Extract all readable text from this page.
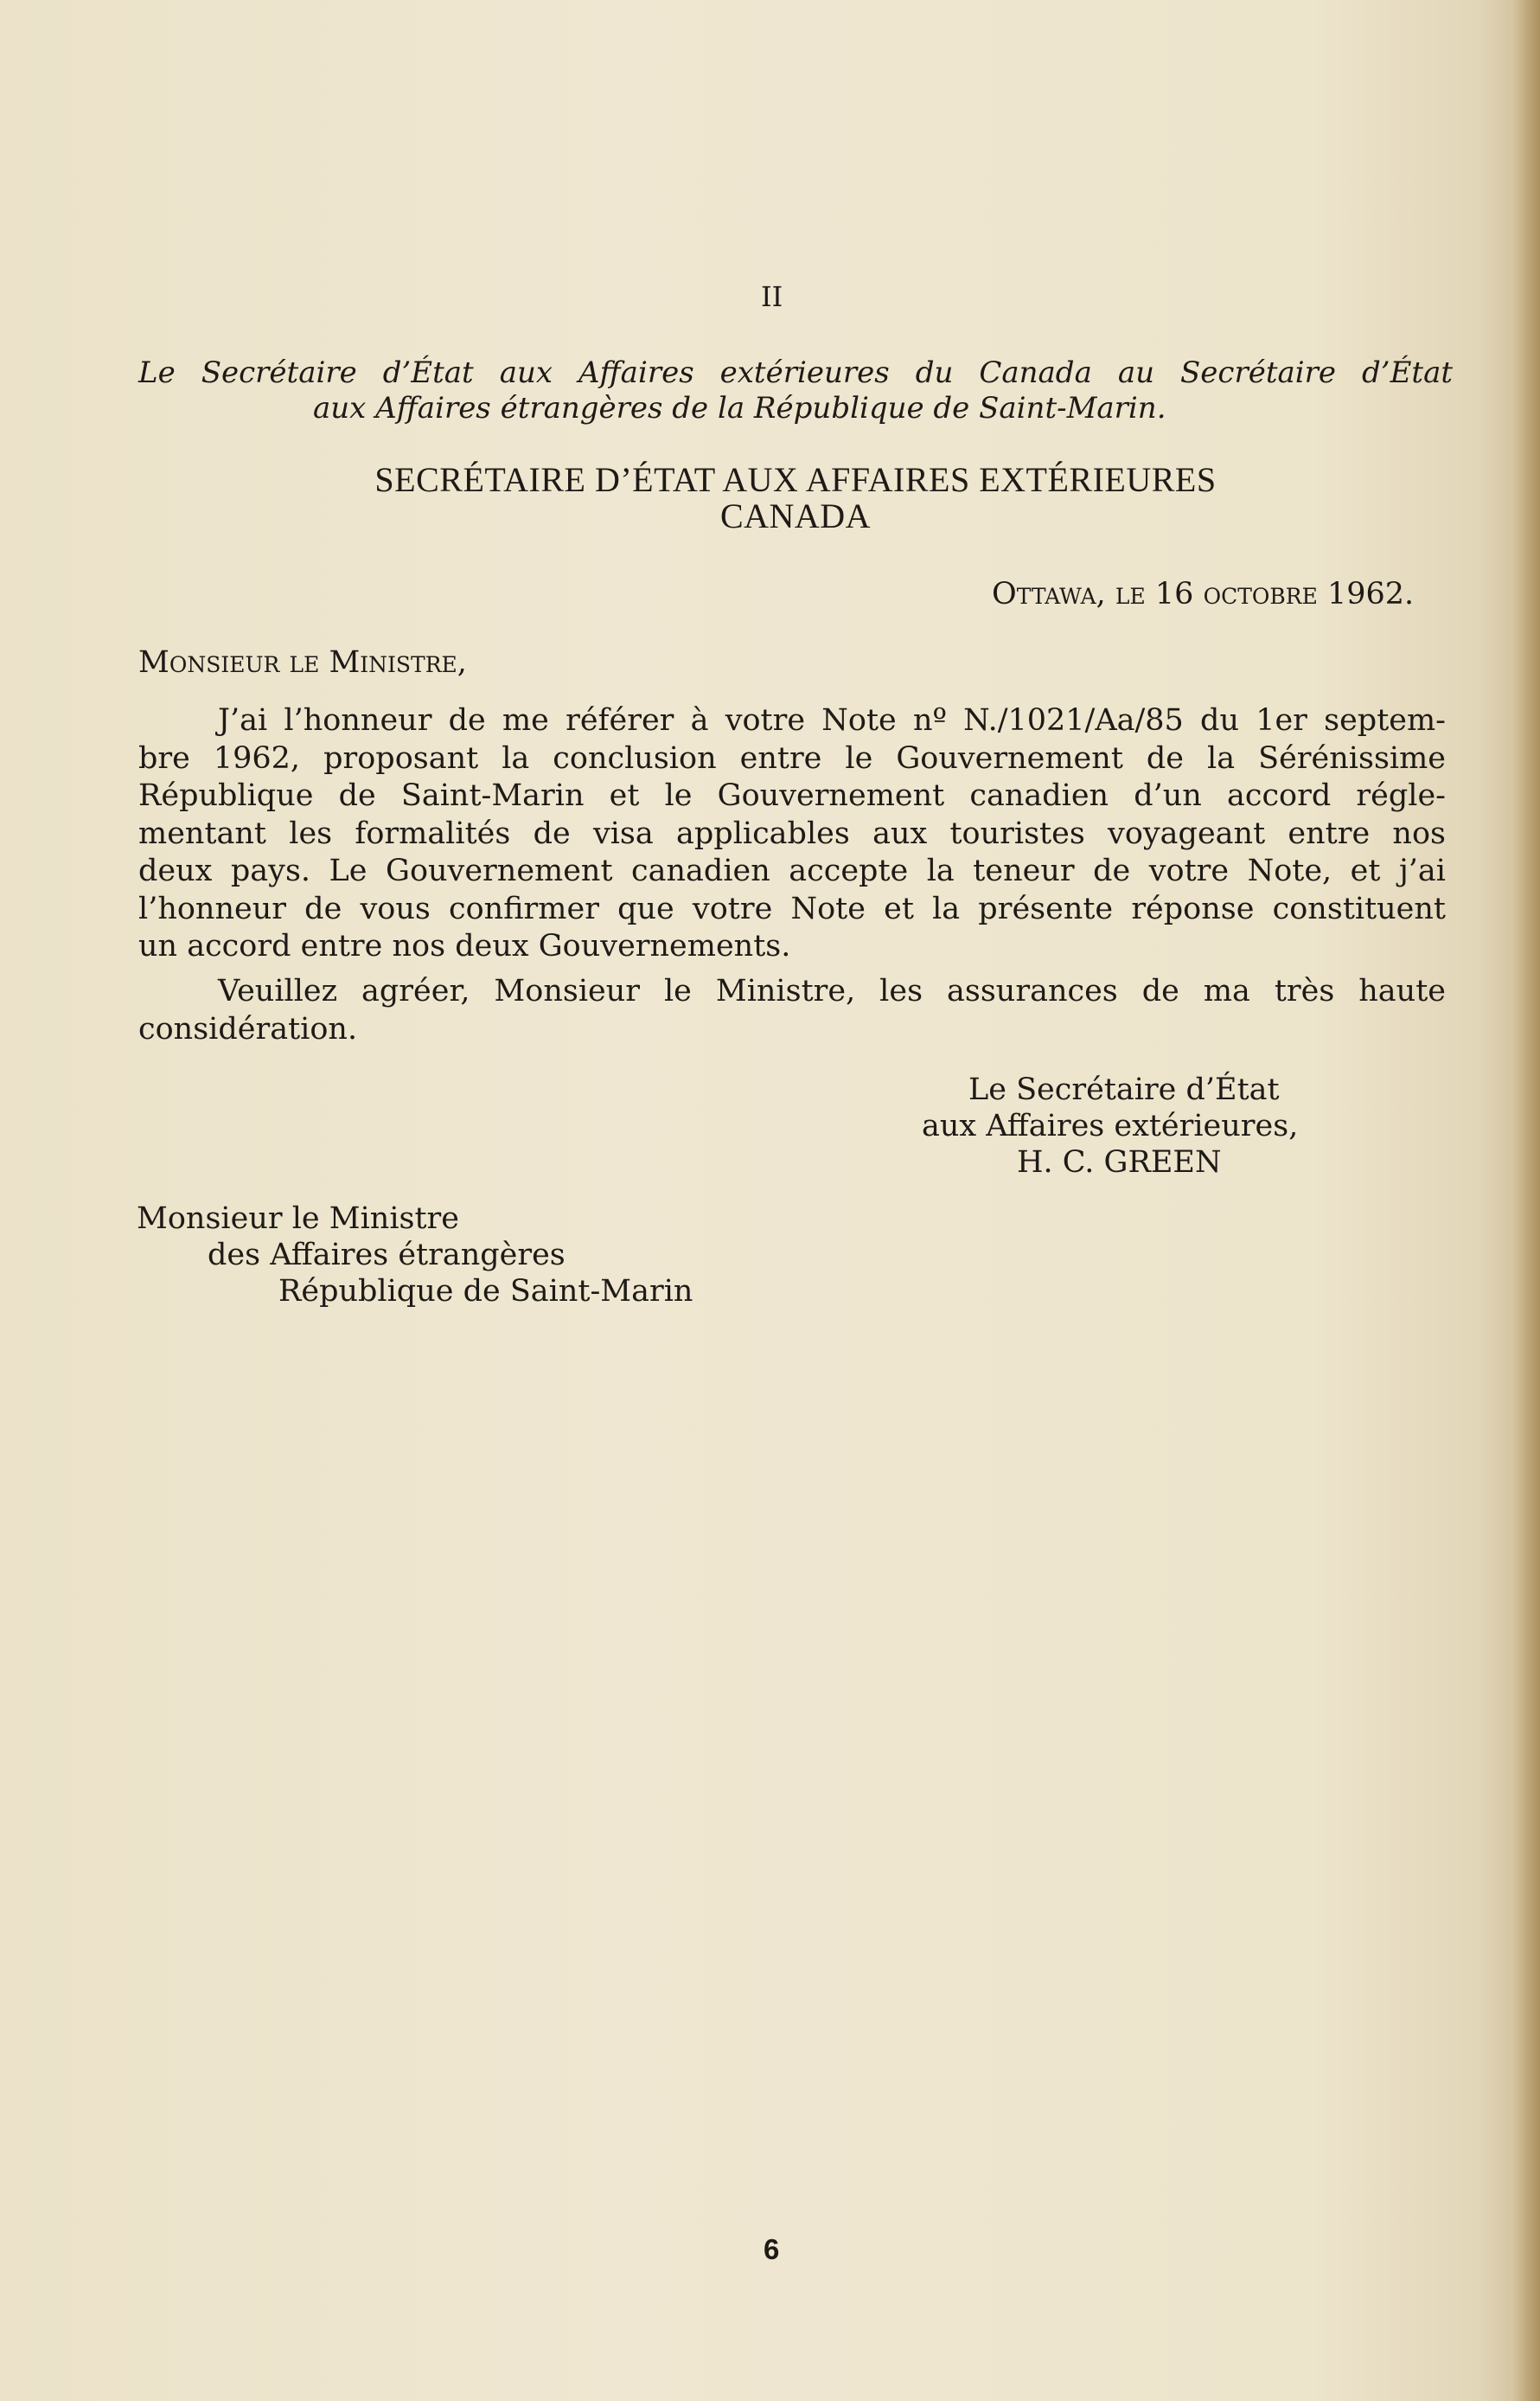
II
Le Secrétaire d’État aux Affaires extérieures du Canada au Secrétaire d’État
aux Affaires étrangères de la République de Saint-Marin.
SECRÉTAIRE D’ÉTAT AUX AFFAIRES EXTÉRIEURES
CANADA
Ottawa, le 16 octobre 1962.
Monsieur le Ministre,
J’ai l’honneur de me référer à votre Note nº N./1021/Aa/85 du 1er septem-
bre 1962, proposant la conclusion entre le Gouvernement de la Sérénissime
République de Saint-Marin et le Gouvernement canadien d’un accord régle-
mentant les formalités de visa applicables aux touristes voyageant entre nos
deux pays. Le Gouvernement canadien accepte la teneur de votre Note, et j’ai
l’honneur de vous confirmer que votre Note et la présente réponse constituent
un accord entre nos deux Gouvernements.
Veuillez agréer, Monsieur le Ministre, les assurances de ma très haute
considération.
Le Secrétaire d’État
aux Affaires extérieures,
H. C. GREEN
Monsieur le Ministre
des Affaires étrangères
République de Saint-Marin
6
